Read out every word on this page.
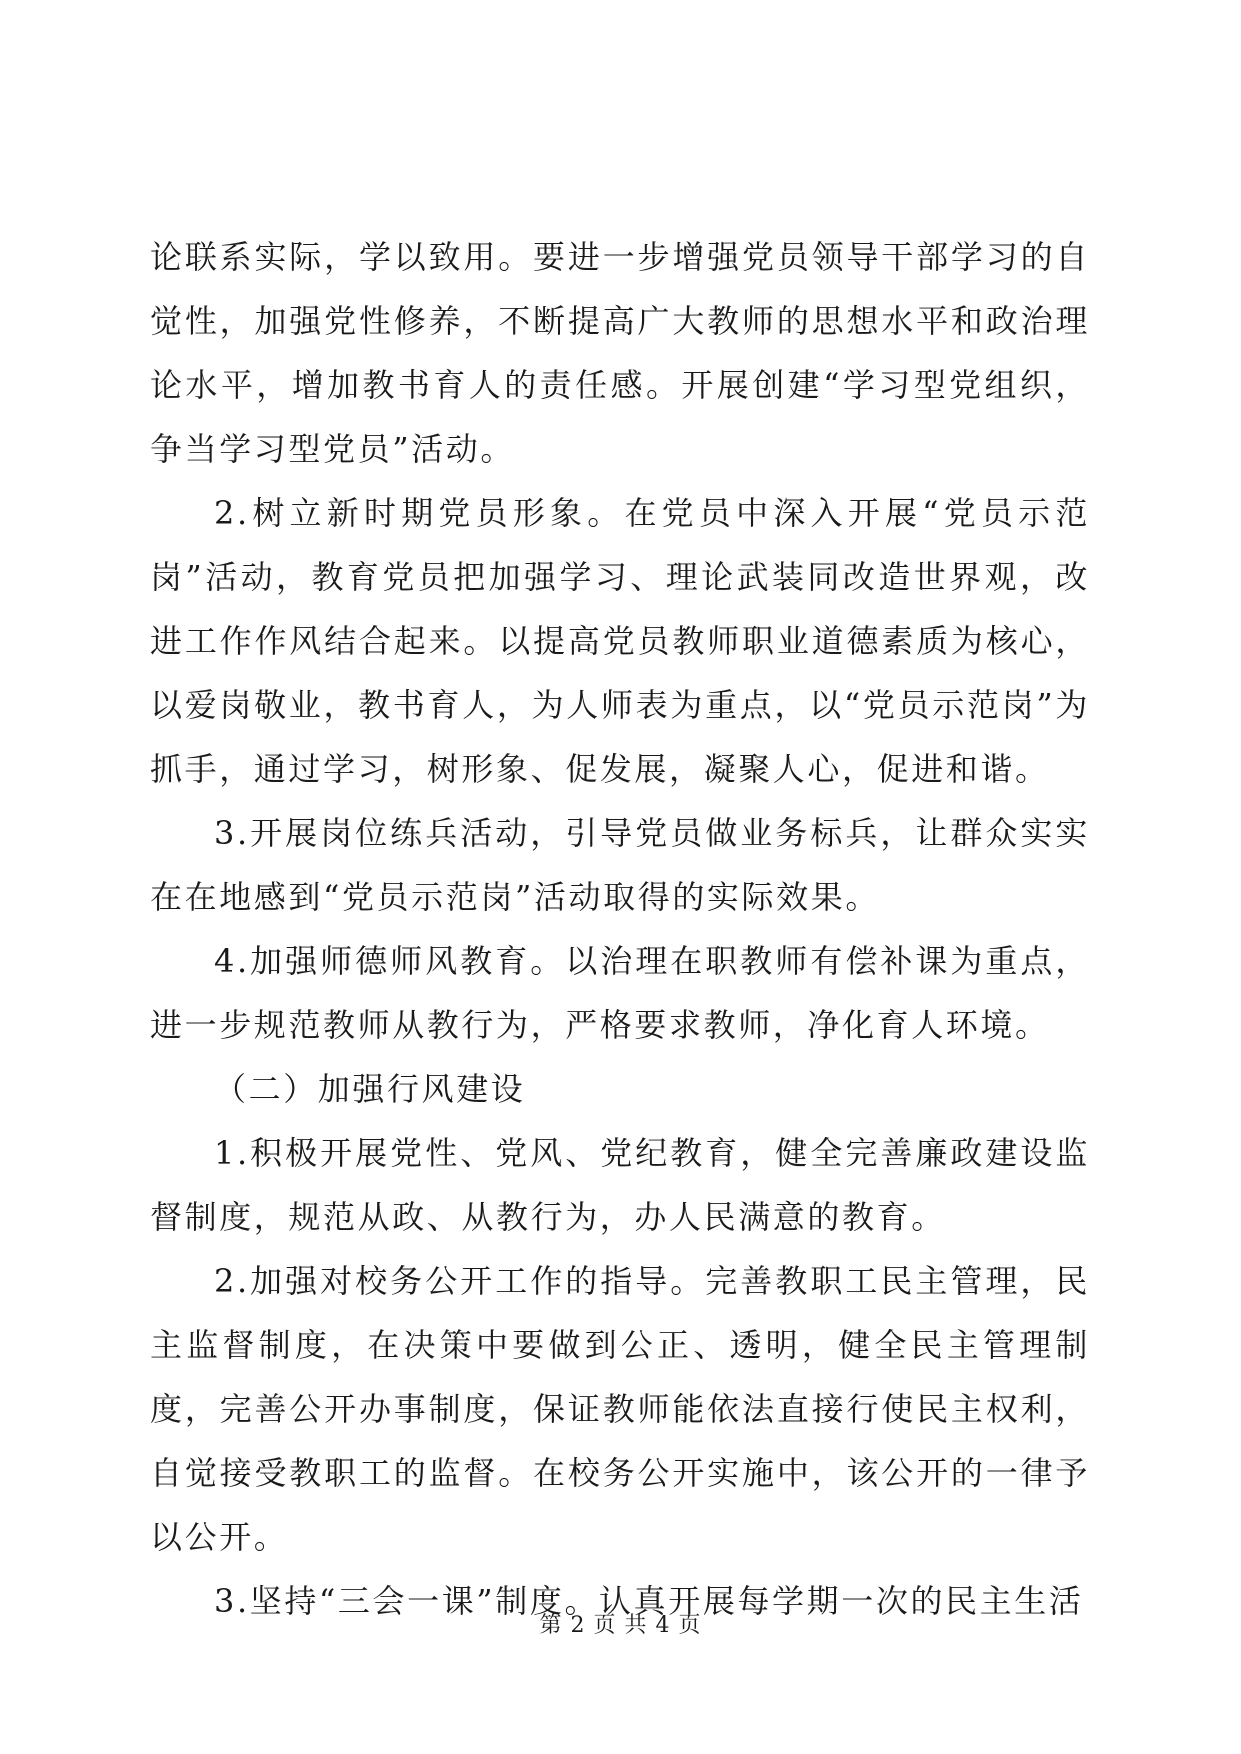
论联系实际，学以致用。要进一步增强党员领导干部学习的自觉性，加强党性修养，不断提高广大教师的思想水平和政治理论水平，增加教书育人的责任感。开展创建“学习型党组织，争当学习型党员”活动。

2.树立新时期党员形象。在党员中深入开展“党员示范岗”活动，教育党员把加强学习、理论武装同改造世界观，改进工作作风结合起来。以提高党员教师职业道德素质为核心，以爱岗敬业，教书育人，为人师表为重点，以“党员示范岗”为抓手，通过学习，树形象、促发展，凝聚人心，促进和谐。

3.开展岗位练兵活动，引导党员做业务标兵，让群众实实在在地感到“党员示范岗”活动取得的实际效果。

4.加强师德师风教育。以治理在职教师有偿补课为重点，进一步规范教师从教行为，严格要求教师，净化育人环境。

（二）加强行风建设

1.积极开展党性、党风、党纪教育，健全完善廉政建设监督制度，规范从政、从教行为，办人民满意的教育。

2.加强对校务公开工作的指导。完善教职工民主管理，民主监督制度，在决策中要做到公正、透明，健全民主管理制度，完善公开办事制度，保证教师能依法直接行使民主权利，自觉接受教职工的监督。在校务公开实施中，该公开的一律予以公开。

3.坚持“三会一课”制度。认真开展每学期一次的民主生活

第 2 页 共 4 页
